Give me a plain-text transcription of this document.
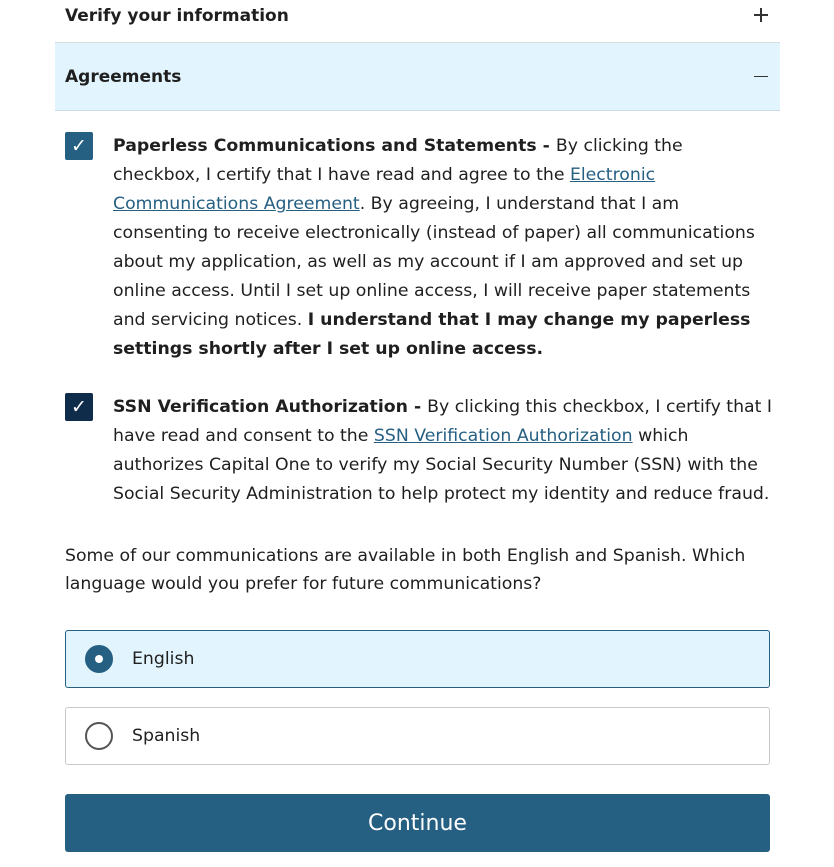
Verify your information
Agreements
✓ Paperless Communications and Statements - By clicking the checkbox, I certify that I have read and agree to the Electronic Communications Agreement. By agreeing, I understand that I am consenting to receive electronically (instead of paper) all communications about my application, as well as my account if I am approved and set up online access. Until I set up online access, I will receive paper statements and servicing notices. I understand that I may change my paperless settings shortly after I set up online access.

✓ SSN Verification Authorization - By clicking this checkbox, I certify that I have read and consent to the SSN Verification Authorization which authorizes Capital One to verify my Social Security Number (SSN) with the Social Security Administration to help protect my identity and reduce fraud.

Some of our communications are available in both English and Spanish. Which language would you prefer for future communications?
English
Spanish
Continue
